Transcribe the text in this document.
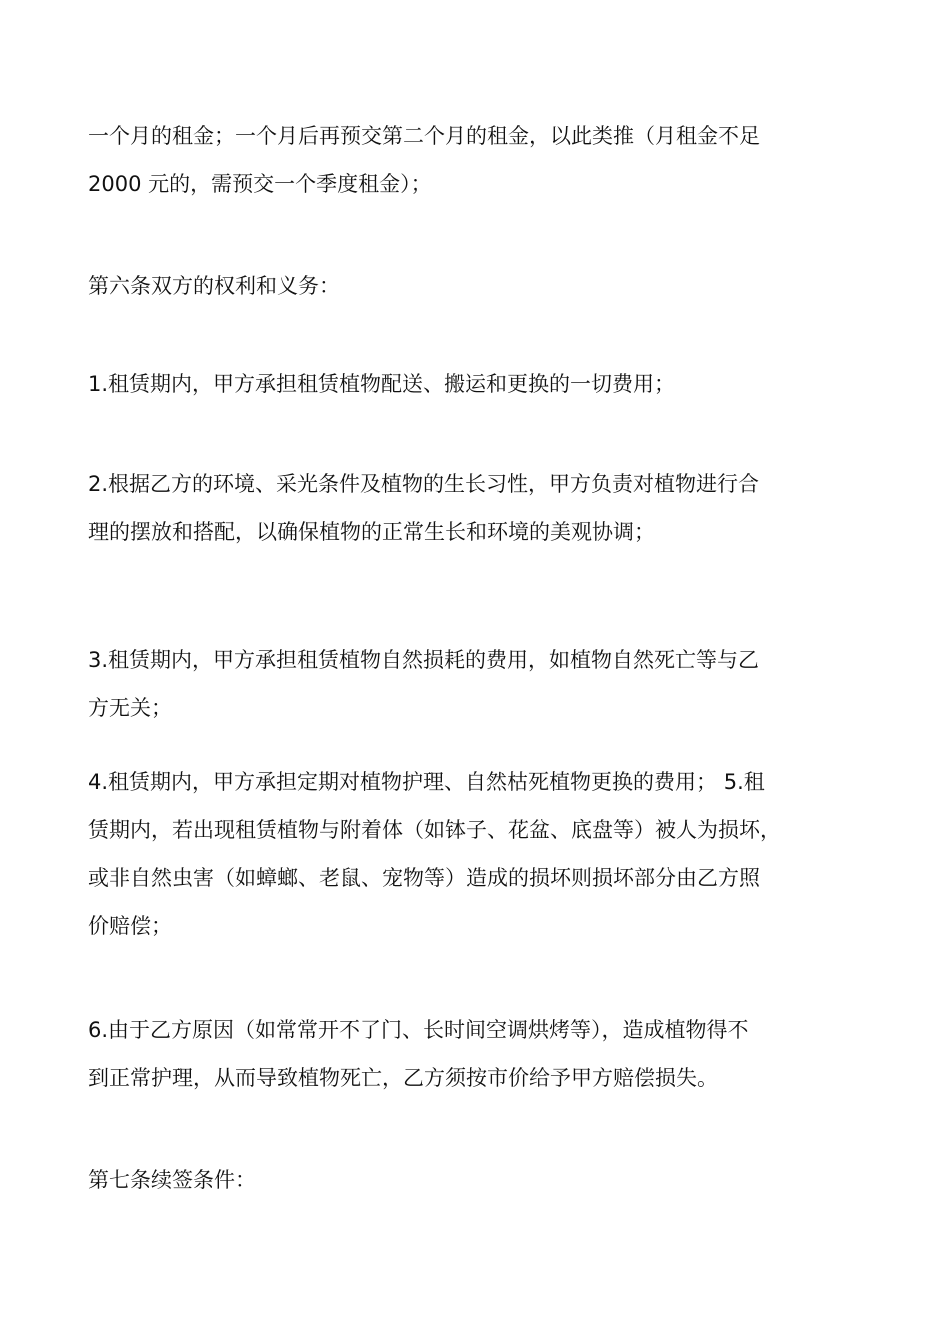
一个月的租金；一个月后再预交第二个月的租金，以此类推（月租金不足
2000 元的，需预交一个季度租金）；

第六条双方的权利和义务：

1.租赁期内，甲方承担租赁植物配送、搬运和更换的一切费用；

2.根据乙方的环境、采光条件及植物的生长习性，甲方负责对植物进行合
理的摆放和搭配，以确保植物的正常生长和环境的美观协调；

3.租赁期内，甲方承担租赁植物自然损耗的费用，如植物自然死亡等与乙
方无关；

4.租赁期内，甲方承担定期对植物护理、自然枯死植物更换的费用； 5.租
赁期内，若出现租赁植物与附着体（如钵子、花盆、底盘等）被人为损坏，
或非自然虫害（如蟑螂、老鼠、宠物等）造成的损坏则损坏部分由乙方照
价赔偿；

6.由于乙方原因（如常常开不了门、长时间空调烘烤等），造成植物得不
到正常护理，从而导致植物死亡，乙方须按市价给予甲方赔偿损失。

第七条续签条件：
